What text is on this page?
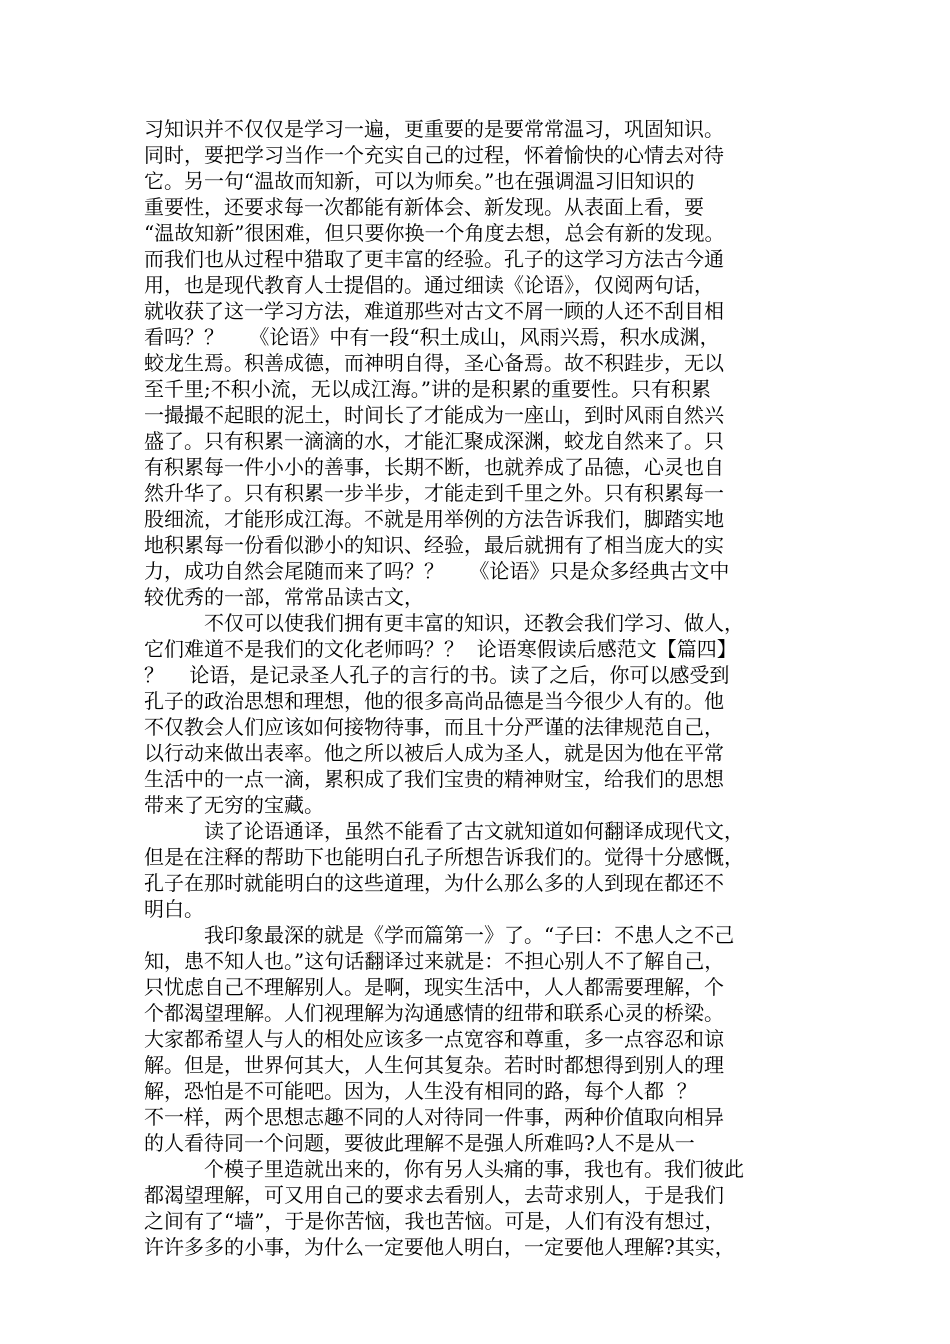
习知识并不仅仅是学习一遍，更重要的是要常常温习，巩固知识。
同时，要把学习当作一个充实自己的过程，怀着愉快的心情去对待
它。另一句“温故而知新，可以为师矣。”也在强调温习旧知识的
重要性，还要求每一次都能有新体会、新发现。从表面上看，要
“温故知新”很困难，但只要你换一个角度去想，总会有新的发现。
而我们也从过程中猎取了更丰富的经验。孔子的这学习方法古今通
用，也是现代教育人士提倡的。通过细读《论语》，仅阅两句话，
就收获了这一学习方法，难道那些对古文不屑一顾的人还不刮目相
看吗？？    《论语》中有一段“积土成山，风雨兴焉，积水成渊，
蛟龙生焉。积善成德，而神明自得，圣心备焉。故不积跬步，无以
至千里;不积小流，无以成江海。”讲的是积累的重要性。只有积累
一撮撮不起眼的泥土，时间长了才能成为一座山，到时风雨自然兴
盛了。只有积累一滴滴的水，才能汇聚成深渊，蛟龙自然来了。只
有积累每一件小小的善事，长期不断，也就养成了品德，心灵也自
然升华了。只有积累一步半步，才能走到千里之外。只有积累每一
股细流，才能形成江海。不就是用举例的方法告诉我们，脚踏实地
地积累每一份看似渺小的知识、经验，最后就拥有了相当庞大的实
力，成功自然会尾随而来了吗？？    《论语》只是众多经典古文中
较优秀的一部，常常品读古文，
不仅可以使我们拥有更丰富的知识，还教会我们学习、做人，
它们难道不是我们的文化老师吗？？  论语寒假读后感范文【篇四】
？    论语，是记录圣人孔子的言行的书。读了之后，你可以感受到
孔子的政治思想和理想，他的很多高尚品德是当今很少人有的。他
不仅教会人们应该如何接物待事，而且十分严谨的法律规范自己，
以行动来做出表率。他之所以被后人成为圣人，就是因为他在平常
生活中的一点一滴，累积成了我们宝贵的精神财宝，给我们的思想
带来了无穷的宝藏。
读了论语通译，虽然不能看了古文就知道如何翻译成现代文，
但是在注释的帮助下也能明白孔子所想告诉我们的。觉得十分感慨，
孔子在那时就能明白的这些道理，为什么那么多的人到现在都还不
明白。
我印象最深的就是《学而篇第一》了。“子曰：不患人之不己
知，患不知人也。”这句话翻译过来就是：不担心别人不了解自己，
只忧虑自己不理解别人。是啊，现实生活中，人人都需要理解，个
个都渴望理解。人们视理解为沟通感情的纽带和联系心灵的桥梁。
大家都希望人与人的相处应该多一点宽容和尊重，多一点容忍和谅
解。但是，世界何其大，人生何其复杂。若时时都想得到别人的理
解，恐怕是不可能吧。因为，人生没有相同的路，每个人都  ？
不一样，两个思想志趣不同的人对待同一件事，两种价值取向相异
的人看待同一个问题，要彼此理解不是强人所难吗?人不是从一
个模子里造就出来的，你有另人头痛的事，我也有。我们彼此
都渴望理解，可又用自己的要求去看别人，去苛求别人，于是我们
之间有了“墙”，于是你苦恼，我也苦恼。可是，人们有没有想过，
许许多多的小事，为什么一定要他人明白，一定要他人理解?其实，
